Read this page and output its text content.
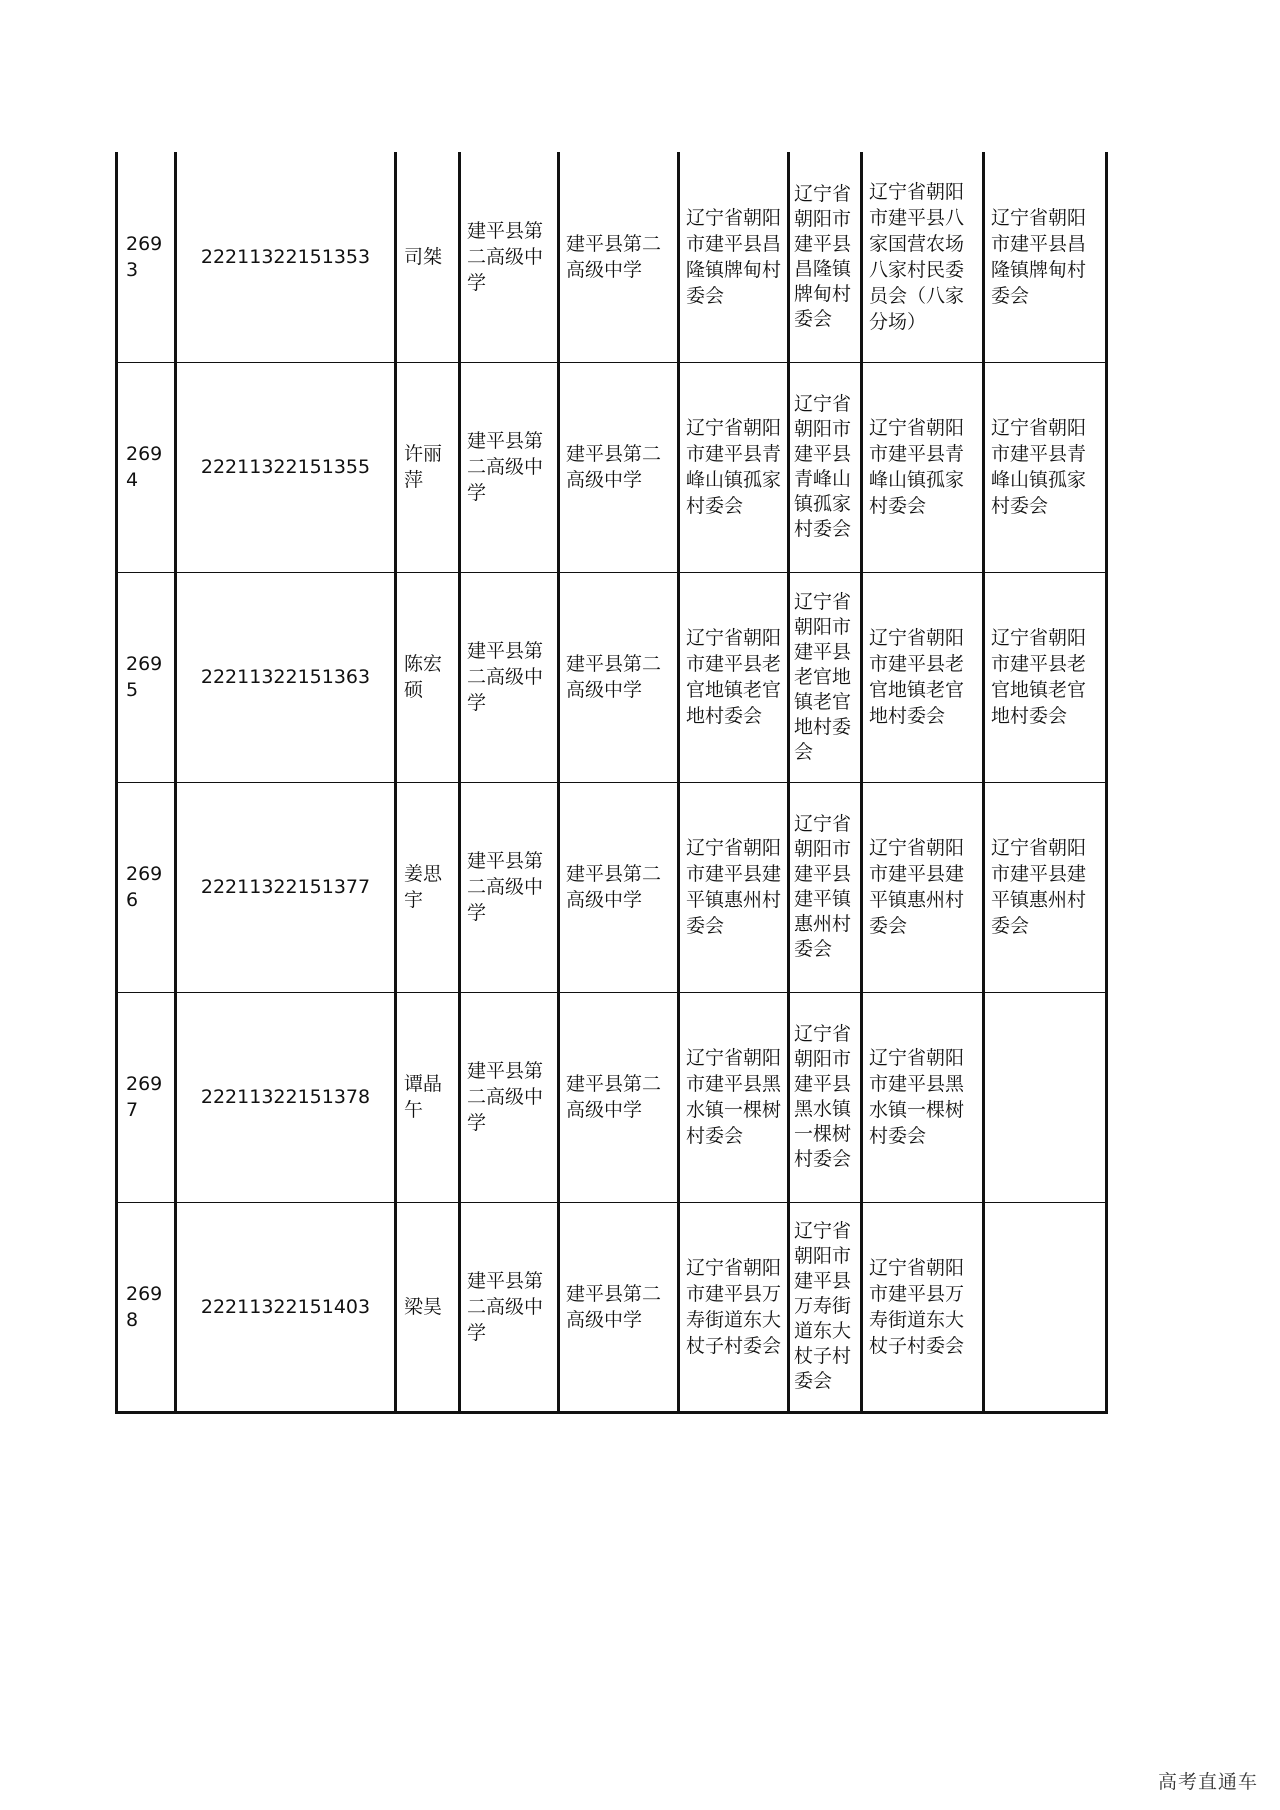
2693	22211322151353	司桀	建平县第二高级中学	建平县第二高级中学	辽宁省朝阳市建平县昌隆镇牌甸村委会	辽宁省朝阳市建平县昌隆镇牌甸村委会	辽宁省朝阳市建平县八家国营农场八家村民委员会（八家分场）	辽宁省朝阳市建平县昌隆镇牌甸村委会
2694	22211322151355	许丽萍	建平县第二高级中学	建平县第二高级中学	辽宁省朝阳市建平县青峰山镇孤家村委会	辽宁省朝阳市建平县青峰山镇孤家村委会	辽宁省朝阳市建平县青峰山镇孤家村委会	辽宁省朝阳市建平县青峰山镇孤家村委会
2695	22211322151363	陈宏硕	建平县第二高级中学	建平县第二高级中学	辽宁省朝阳市建平县老官地镇老官地村委会	辽宁省朝阳市建平县老官地镇老官地村委会	辽宁省朝阳市建平县老官地镇老官地村委会	辽宁省朝阳市建平县老官地镇老官地村委会
2696	22211322151377	姜思宇	建平县第二高级中学	建平县第二高级中学	辽宁省朝阳市建平县建平镇惠州村委会	辽宁省朝阳市建平县建平镇惠州村委会	辽宁省朝阳市建平县建平镇惠州村委会	辽宁省朝阳市建平县建平镇惠州村委会
2697	22211322151378	谭晶午	建平县第二高级中学	建平县第二高级中学	辽宁省朝阳市建平县黑水镇一棵树村委会	辽宁省朝阳市建平县黑水镇一棵树村委会	辽宁省朝阳市建平县黑水镇一棵树村委会	
2698	22211322151403	梁昊	建平县第二高级中学	建平县第二高级中学	辽宁省朝阳市建平县万寿街道东大杖子村委会	辽宁省朝阳市建平县万寿街道东大杖子村委会	辽宁省朝阳市建平县万寿街道东大杖子村委会	
高考直通车
